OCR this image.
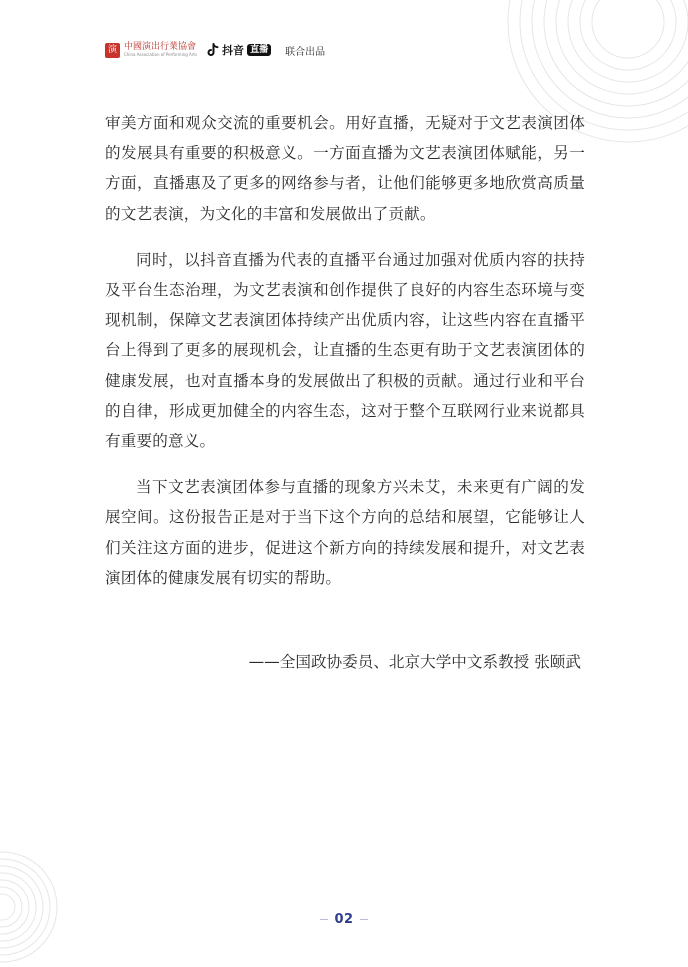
演 中國演出行業協會
China Association of Performing Arts 抖音 直播	联合出品

审美方面和观众交流的重要机会。用好直播，无疑对于文艺表演团体的发展具有重要的积极意义。一方面直播为文艺表演团体赋能，另一方面，直播惠及了更多的网络参与者，让他们能够更多地欣赏高质量的文艺表演，为文化的丰富和发展做出了贡献。

同时，以抖音直播为代表的直播平台通过加强对优质内容的扶持及平台生态治理，为文艺表演和创作提供了良好的内容生态环境与变现机制，保障文艺表演团体持续产出优质内容，让这些内容在直播平台上得到了更多的展现机会，让直播的生态更有助于文艺表演团体的健康发展，也对直播本身的发展做出了积极的贡献。通过行业和平台的自律，形成更加健全的内容生态，这对于整个互联网行业来说都具有重要的意义。

当下文艺表演团体参与直播的现象方兴未艾，未来更有广阔的发展空间。这份报告正是对于当下这个方向的总结和展望，它能够让人们关注这方面的进步，促进这个新方向的持续发展和提升，对文艺表演团体的健康发展有切实的帮助。

——全国政协委员、北京大学中文系教授 张颐武
02
